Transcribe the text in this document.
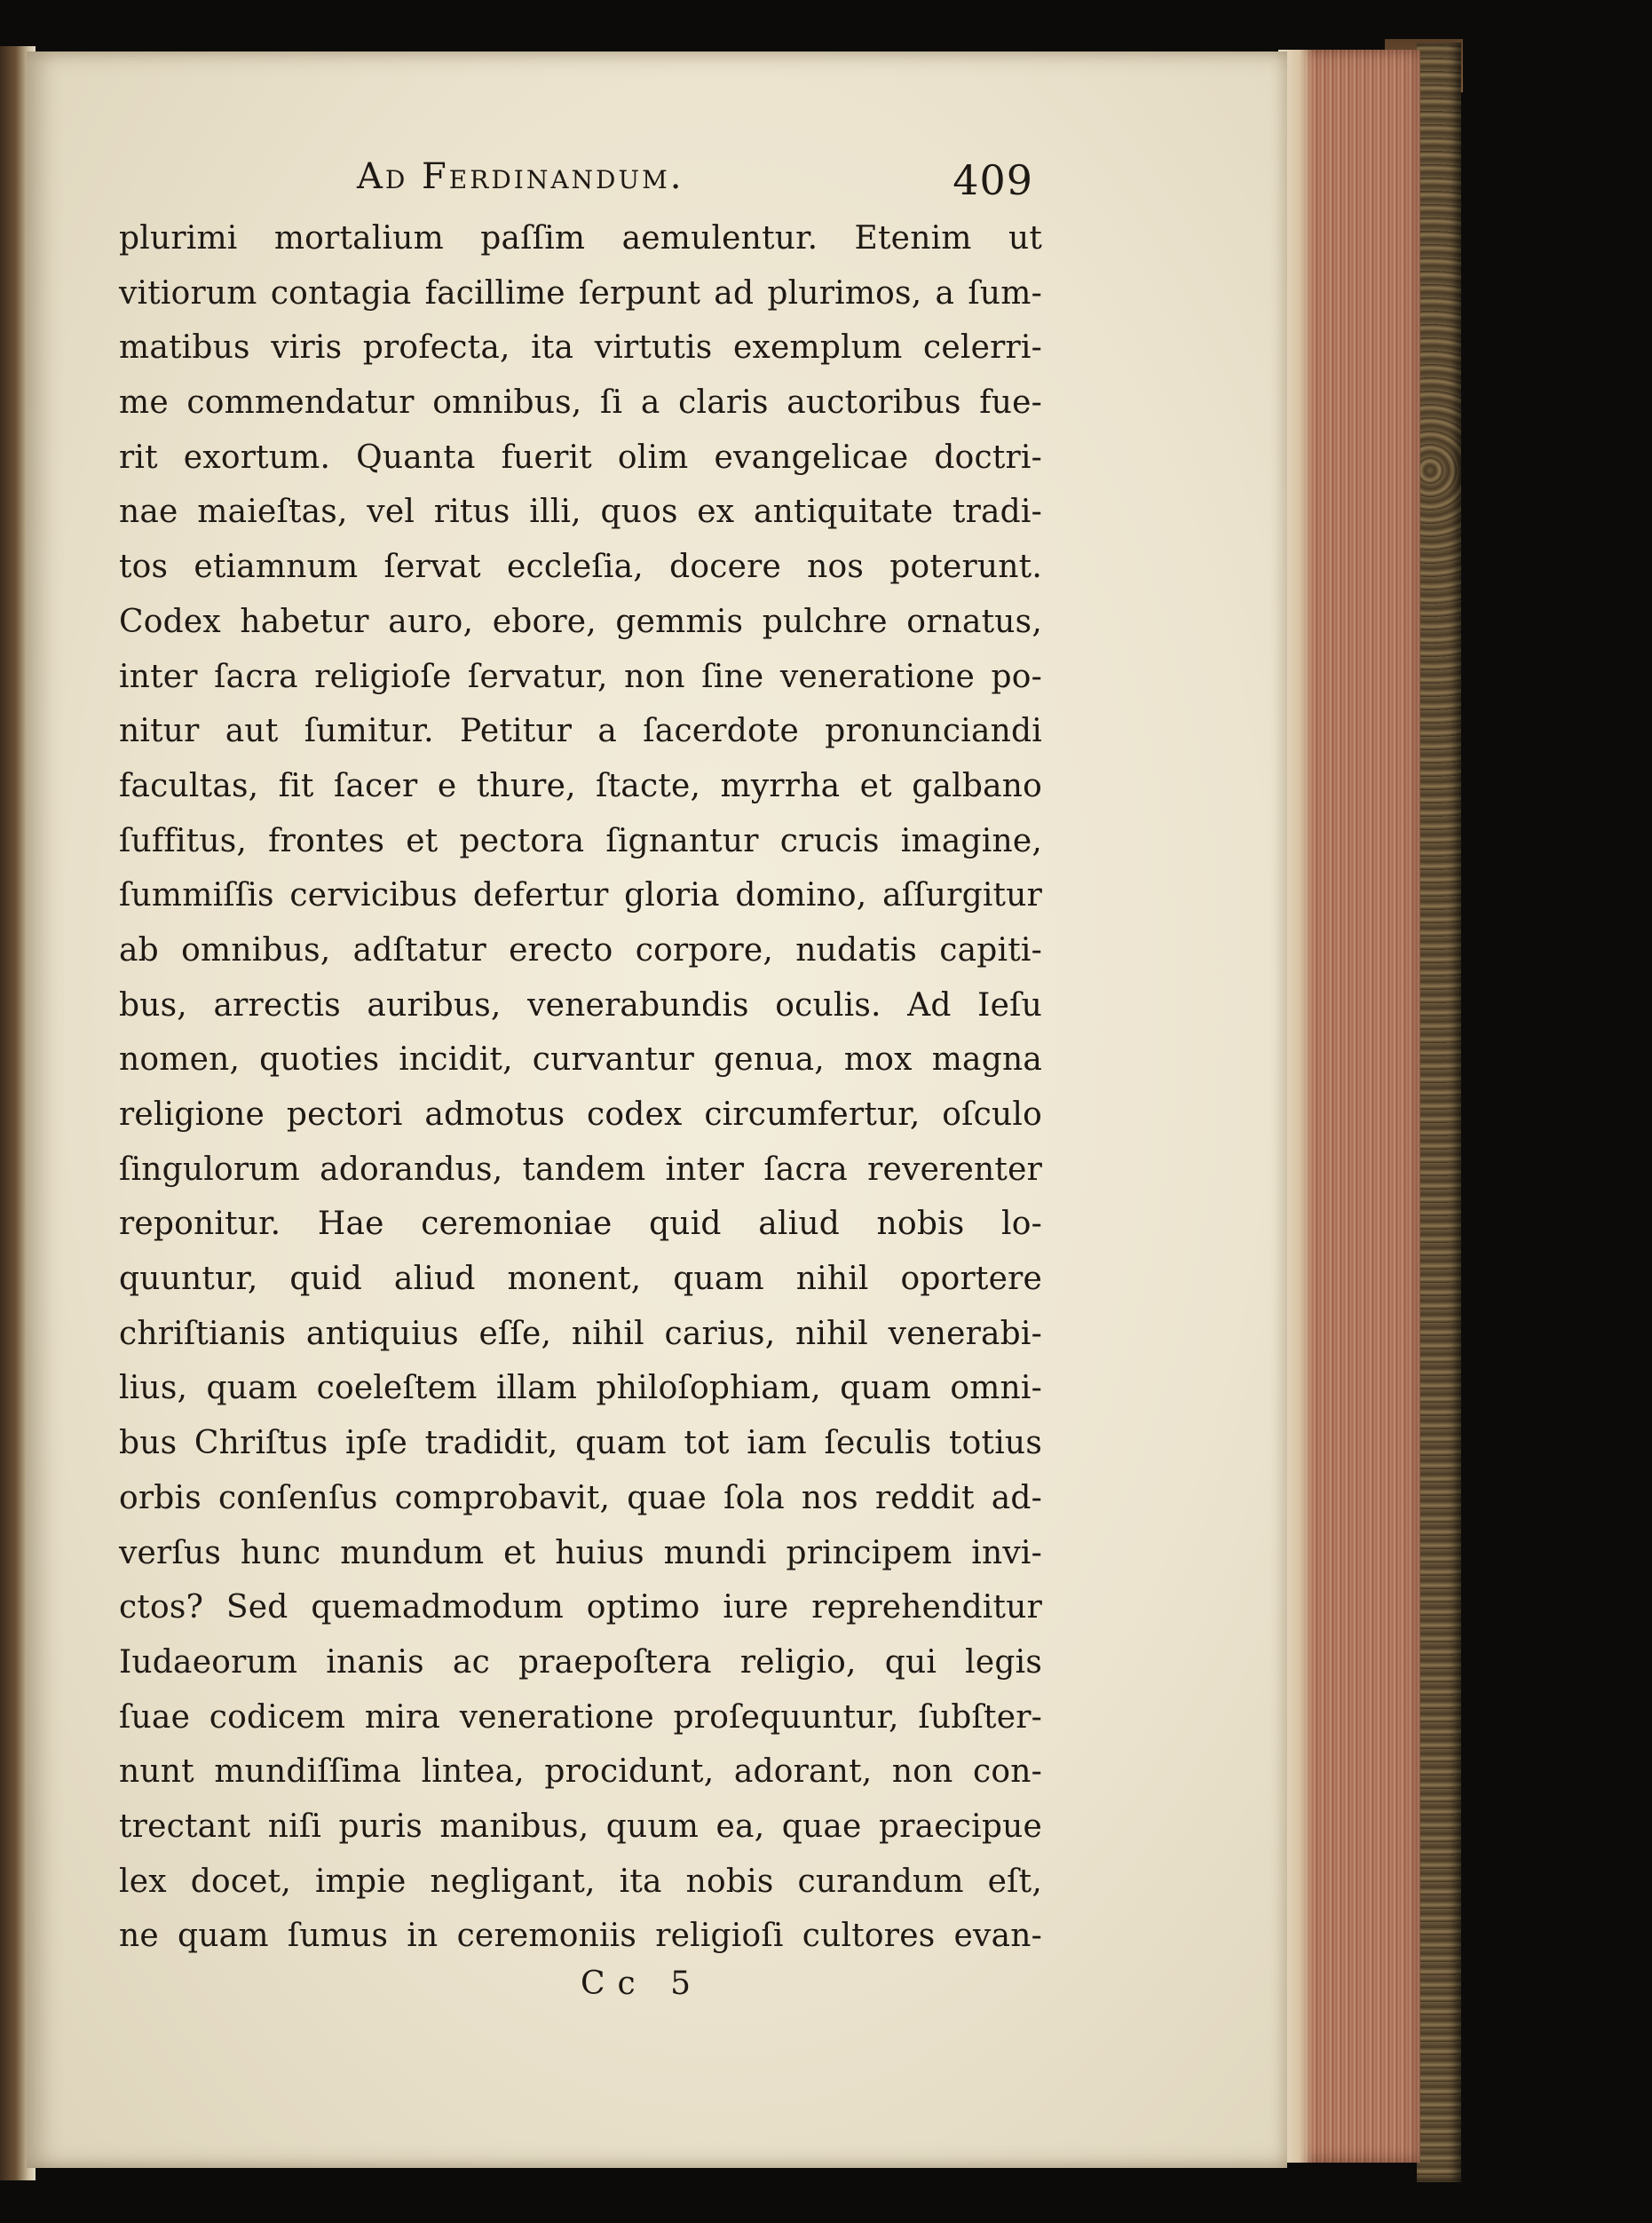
Ad Ferdinandum.	409
plurimi mortalium paſſim aemulentur. Etenim ut
vitiorum contagia facillime ſerpunt ad plurimos, a ſum-
matibus viris profecta, ita virtutis exemplum celerri-
me commendatur omnibus, ſi a claris auctoribus fue-
rit exortum. Quanta fuerit olim evangelicae doctri-
nae maieſtas, vel ritus illi, quos ex antiquitate tradi-
tos etiamnum ſervat eccleſia, docere nos poterunt.
Codex habetur auro, ebore, gemmis pulchre ornatus,
inter ſacra religioſe ſervatur, non ſine veneratione po-
nitur aut ſumitur. Petitur a ſacerdote pronunciandi
facultas, fit ſacer e thure, ſtacte, myrrha et galbano
ſuffitus, frontes et pectora ſignantur crucis imagine,
ſummiſſis cervicibus defertur gloria domino, aſſurgitur
ab omnibus, adſtatur erecto corpore, nudatis capiti-
bus, arrectis auribus, venerabundis oculis. Ad Ieſu
nomen, quoties incidit, curvantur genua, mox magna
religione pectori admotus codex circumfertur, oſculo
ſingulorum adorandus, tandem inter ſacra reverenter
reponitur. Hae ceremoniae quid aliud nobis lo-
quuntur, quid aliud monent, quam nihil oportere
chriſtianis antiquius eſſe, nihil carius, nihil venerabi-
lius, quam coeleſtem illam philoſophiam, quam omni-
bus Chriſtus ipſe tradidit, quam tot iam ſeculis totius
orbis conſenſus comprobavit, quae ſola nos reddit ad-
verſus hunc mundum et huius mundi principem invi-
ctos? Sed quemadmodum optimo iure reprehenditur
Iudaeorum inanis ac praepoſtera religio, qui legis
ſuae codicem mira veneratione proſequuntur, ſubſter-
nunt mundiſſima lintea, procidunt, adorant, non con-
trectant niſi puris manibus, quum ea, quae praecipue
lex docet, impie negligant, ita nobis curandum eſt,
ne quam ſumus in ceremoniis religioſi cultores evan-
Cc 5
